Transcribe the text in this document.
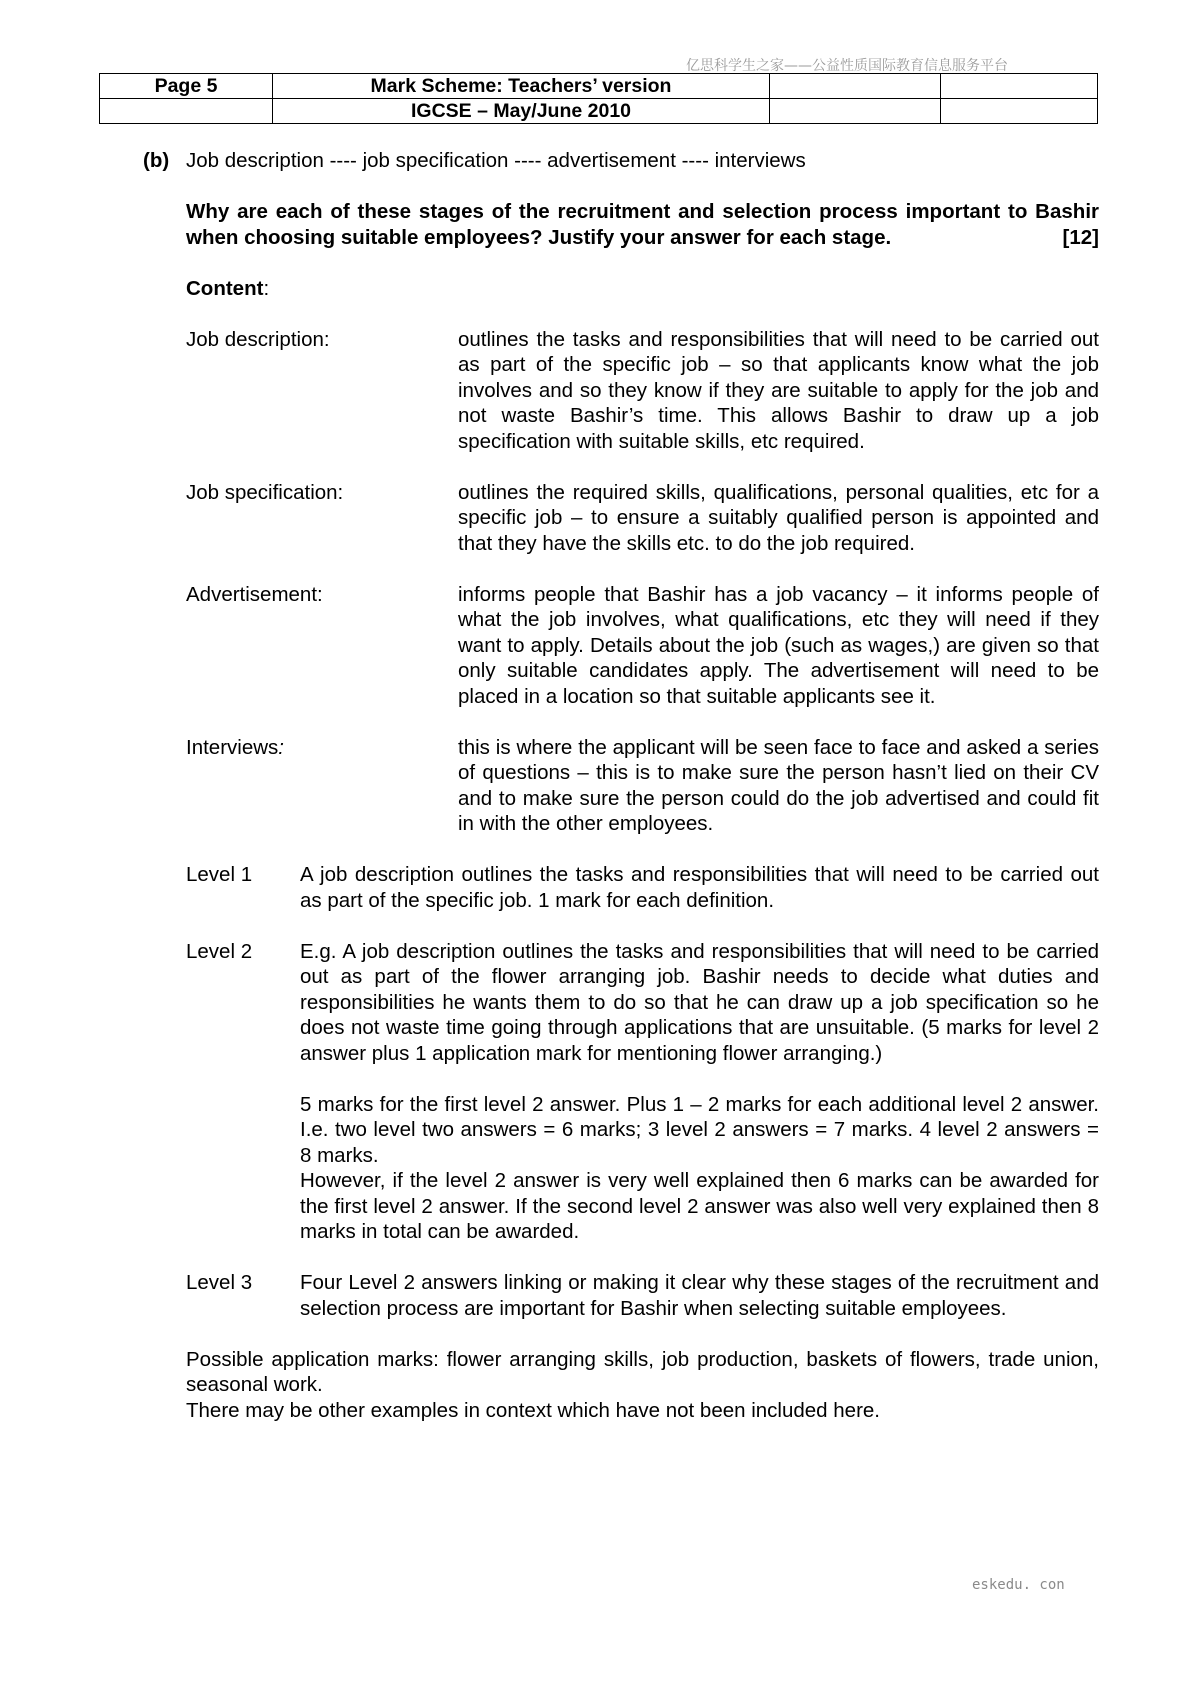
亿思科学生之家——公益性质国际教育信息服务平台
Page 5	Mark Scheme: Teachers’ version		
	IGCSE – May/June 2010		
(b) Job description ---- job specification ---- advertisement ---- interviews
Why are each of these stages of the recruitment and selection process important to Bashir when choosing suitable employees? Justify your answer for each stage.	[12]
Content:
Job description:	outlines the tasks and responsibilities that will need to be carried out as part of the specific job – so that applicants know what the job involves and so they know if they are suitable to apply for the job and not waste Bashir’s time. This allows Bashir to draw up a job specification with suitable skills, etc required.
Job specification:	outlines the required skills, qualifications, personal qualities, etc for a specific job – to ensure a suitably qualified person is appointed and that they have the skills etc. to do the job required.
Advertisement:	informs people that Bashir has a job vacancy – it informs people of what the job involves, what qualifications, etc they will need if they want to apply. Details about the job (such as wages,) are given so that only suitable candidates apply. The advertisement will need to be placed in a location so that suitable applicants see it.
Interviews:	this is where the applicant will be seen face to face and asked a series of questions – this is to make sure the person hasn’t lied on their CV and to make sure the person could do the job advertised and could fit in with the other employees.
Level 1	A job description outlines the tasks and responsibilities that will need to be carried out as part of the specific job. 1 mark for each definition.

Level 2	E.g. A job description outlines the tasks and responsibilities that will need to be carried out as part of the flower arranging job. Bashir needs to decide what duties and responsibilities he wants them to do so that he can draw up a job specification so he does not waste time going through applications that are unsuitable. (5 marks for level 2 answer plus 1 application mark for mentioning flower arranging.)

5 marks for the first level 2 answer. Plus 1 – 2 marks for each additional level 2 answer. I.e. two level two answers = 6 marks; 3 level 2 answers = 7 marks. 4 level 2 answers = 8 marks.

However, if the level 2 answer is very well explained then 6 marks can be awarded for the first level 2 answer. If the second level 2 answer was also well very explained then 8 marks in total can be awarded.

Level 3	Four Level 2 answers linking or making it clear why these stages of the recruitment and selection process are important for Bashir when selecting suitable employees.

Possible application marks: flower arranging skills, job production, baskets of flowers, trade union, seasonal work.

There may be other examples in context which have not been included here.

eskedu. con
